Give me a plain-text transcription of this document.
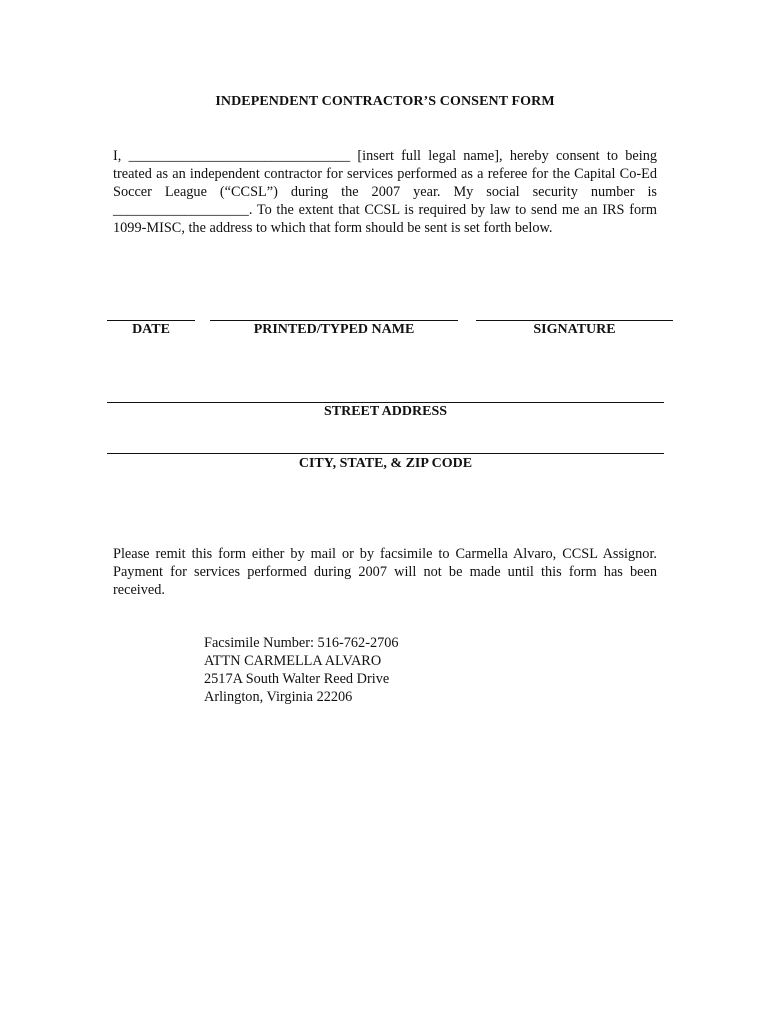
INDEPENDENT CONTRACTOR’S CONSENT FORM
I, _______________________________ [insert full legal name], hereby consent to being treated as an independent contractor for services performed as a referee for the Capital Co-Ed Soccer League (“CCSL”) during the 2007 year. My social security number is ___________________. To the extent that CCSL is required by law to send me an IRS form 1099-MISC, the address to which that form should be sent is set forth below.
DATE	PRINTED/TYPED NAME	SIGNATURE
STREET ADDRESS
CITY, STATE, & ZIP CODE
Please remit this form either by mail or by facsimile to Carmella Alvaro, CCSL Assignor. Payment for services performed during 2007 will not be made until this form has been received.
Facsimile Number: 516-762-2706
ATTN CARMELLA ALVARO
2517A South Walter Reed Drive
Arlington, Virginia 22206
